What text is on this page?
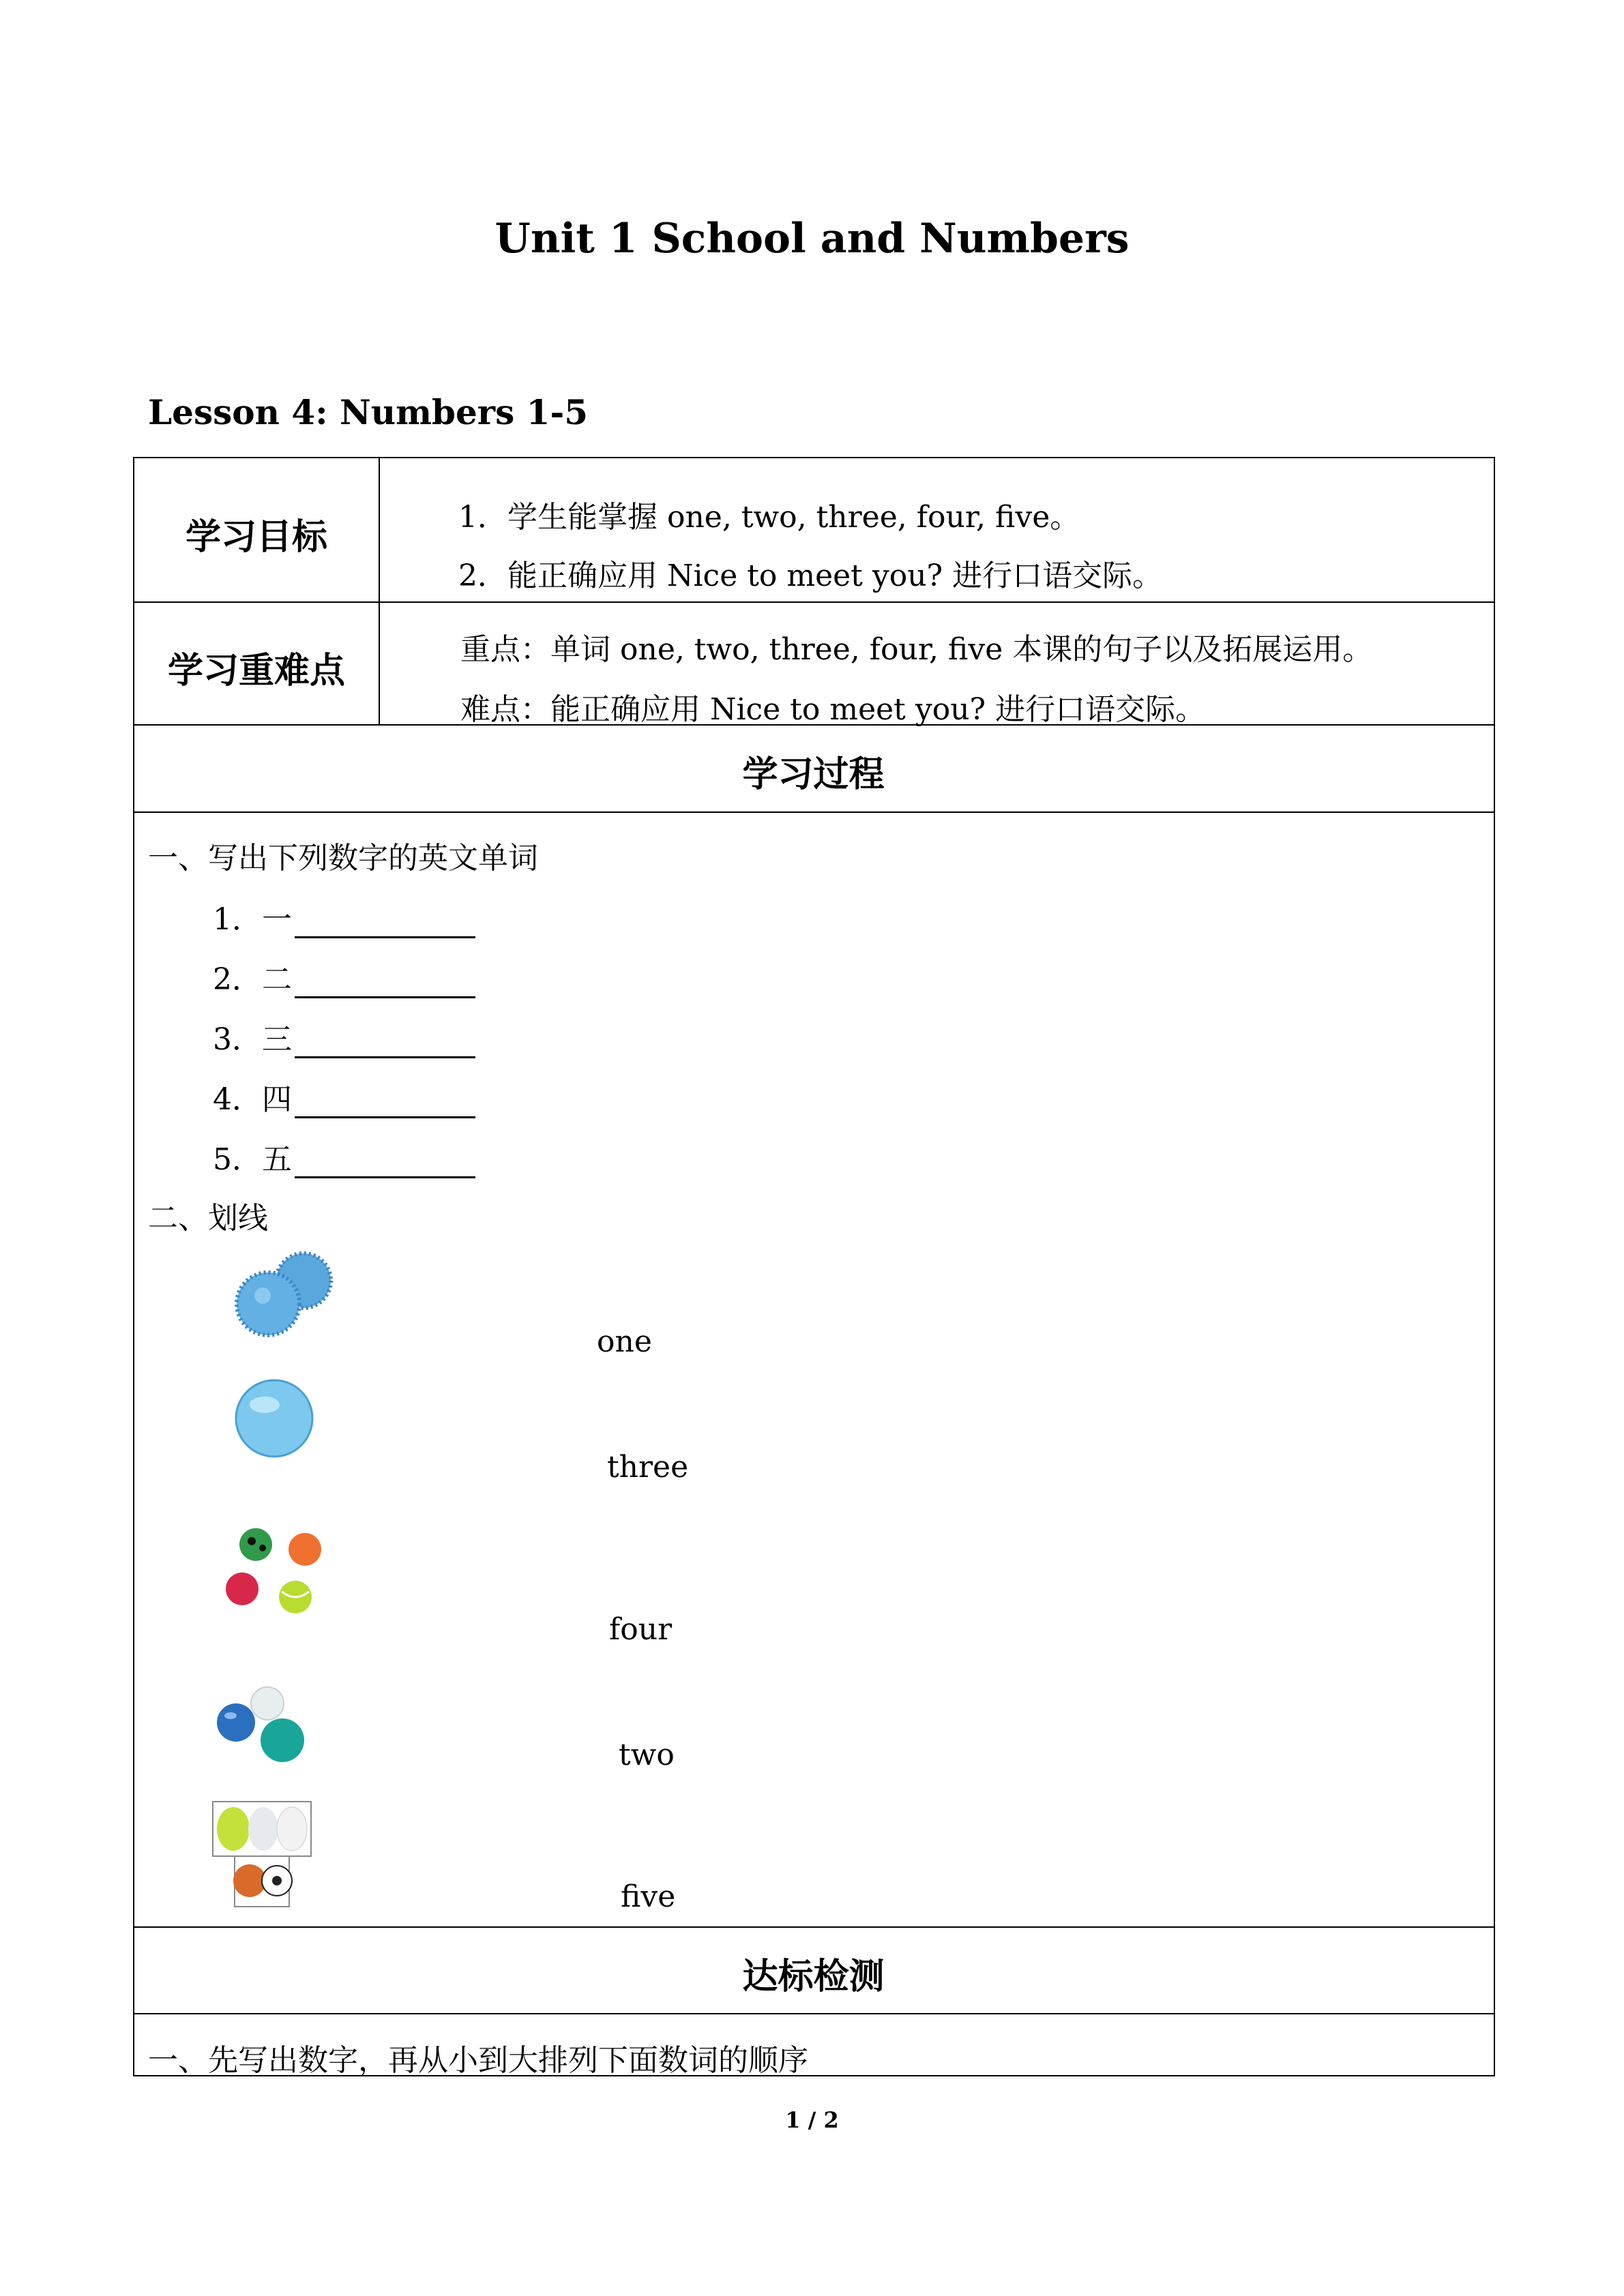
Unit 1 School and Numbers
Lesson 4: Numbers 1-5
学习目标	1．学生能掌握 one, two, three, four, five。
2．能正确应用 Nice to meet you? 进行口语交际。
学习重难点
重点：单词 one, two, three, four, five 本课的句子以及拓展运用。
难点：能正确应用 Nice to meet you? 进行口语交际。
学习过程
一、写出下列数字的英文单词
1．一
2．二
3．三
4．四
5．五
二、划线
one
three
four
two
five
达标检测
一、先写出数字，再从小到大排列下面数词的顺序
1 / 2
